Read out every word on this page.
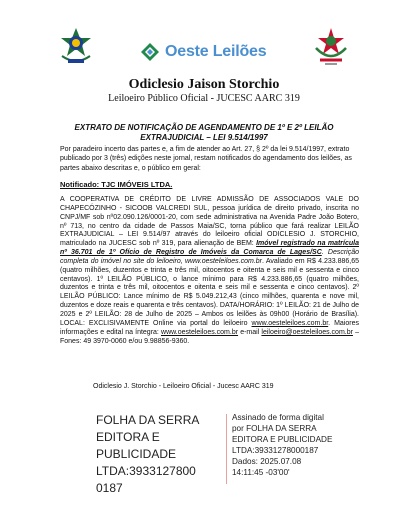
Oeste Leilões
Odiclesio Jaison Storchio
Leiloeiro Público Oficial - JUCESC AARC 319
EXTRATO DE NOTIFICAÇÃO DE AGENDAMENTO DE 1º E 2º LEILÃO
EXTRAJUDICIAL – LEI 9.514/1997
Por paradeiro incerto das partes e, a fim de atender ao Art. 27, § 2º da lei 9.514/1997, extrato publicado por 3 (três) edições neste jornal, restam notificados do agendamento dos leilões, as partes abaixo descritas e, o público em geral:
Notificado: TJC IMÓVEIS LTDA.
A COOPERATIVA DE CRÉDITO DE LIVRE ADMISSÃO DE ASSOCIADOS VALE DO CHAPECÓZINHO - SICOOB VALCREDI SUL, pessoa jurídica de direito privado, inscrita no CNPJ/MF sob nº02.090.126/0001-20, com sede administrativa na Avenida Padre João Botero, nº 713, no centro da cidade de Passos Maia/SC, torna público que fará realizar LEILÃO EXTRAJUDICIAL – LEI 9.514/97 através do leiloeiro oficial ODICLESIO J. STORCHIO, matriculado na JUCESC sob nº 319, para alienação de BEM: Imóvel registrado na matrícula nº 36.701 de 1º Ofício de Registro de Imóveis da Comarca de Lages/SC. Descrição completa do imóvel no site do leiloeiro, www.oesteleiloes.com.br. Avaliado em R$ 4.233.886,65 (quatro milhões, duzentos e trinta e três mil, oitocentos e oitenta e seis mil e sessenta e cinco centavos). 1º LEILÃO PÚBLICO, o lance mínimo para R$ 4.233.886,65 (quatro milhões, duzentos e trinta e três mil, oitocentos e oitenta e seis mil e sessenta e cinco centavos). 2º LEILÃO PÚBLICO: Lance mínimo de R$ 5.049.212,43 (cinco milhões, quarenta e nove mil, duzentos e doze reais e quarenta e três centavos). DATA/HORÁRIO: 1º LEILÃO: 21 de Julho de 2025 e 2º LEILÃO: 28 de Julho de 2025 – Ambos os leilões às 09h00 (Horário de Brasília). LOCAL: EXCLISIVAMENTE Online via portal do leiloeiro www.oesteleiloes.com.br. Maiores informações e edital na íntegra: www.oesteleiloes.com.br e-mail leiloeiro@oesteleiloes.com.br – Fones: 49 3970-0060 e/ou 9.98856-9360.
Odiclesio J. Storchio - Leiloeiro Oficial - Jucesc AARC 319
FOLHA DA SERRA
EDITORA E
PUBLICIDADE
LTDA:3933127800
0187
Assinado de forma digital
por FOLHA DA SERRA
EDITORA E PUBLICIDADE
LTDA:39331278000187
Dados: 2025.07.08
14:11:45 -03'00'
